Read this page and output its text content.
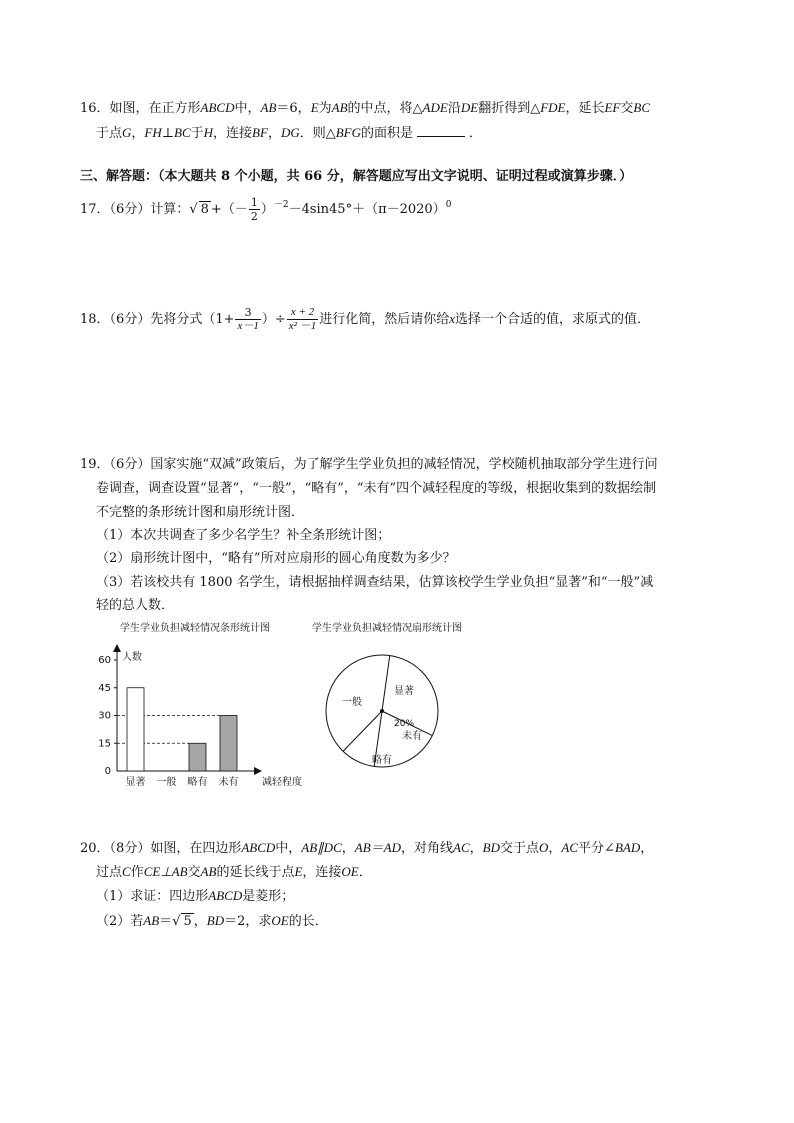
16．如图，在正方形ABCD中，AB＝6，E为AB的中点，将△ADE沿DE翻折得到△FDE，延长EF交BC
于点G，FH⊥BC于H，连接BF，DG．则△BFG的面积是	．
三、解答题：（本大题共 8 个小题，共 66 分，解答题应写出文字说明、证明过程或演算步骤．）
17．（6分）计算：√ 8 +（－ $\frac{1}{2} )^{-2}-4\sin 45^\circ+(\pi-2020)^0$
18．（6分）先将分式（$1+ \frac{3}{x-1}$ ）÷ $\frac{x + 2}{\text{x² －1}}$ 进行化简，然后请你给x选择一个合适的值，求原式的值．
19．（6分）国家实施“双减”政策后，为了解学生学业负担的减轻情况，学校随机抽取部分学生进行问
卷调查，调查设置“显著”，“一般”，“略有”，“未有”四个减轻程度的等级，根据收集到的数据绘制
不完整的条形统计图和扇形统计图．
（1）本次共调查了多少名学生？补全条形统计图；
（2）扇形统计图中，“略有”所对应扇形的圆心角度数为多少？
（3）若该校共有 1800 名学生，请根据抽样调查结果，估算该校学生学业负担“显著”和“一般”减
轻的总人数．
学生学业负担减轻情况条形统计图	学生学业负担减轻情况扇形统计图
0
15
30
45
60
显著 一般 略有 未有
人数
减轻程度
显著
20%
未有
略有
一般
20．（8分）如图，在四边形ABCD中，AB∥DC，AB＝AD，对角线AC，BD交于点O，AC平分∠BAD，
过点C作CE⊥AB交AB的延长线于点E，连接OE．
（1）求证：四边形ABCD是菱形；
（2）若AB＝√ 5 ，BD＝2，求OE的长．
